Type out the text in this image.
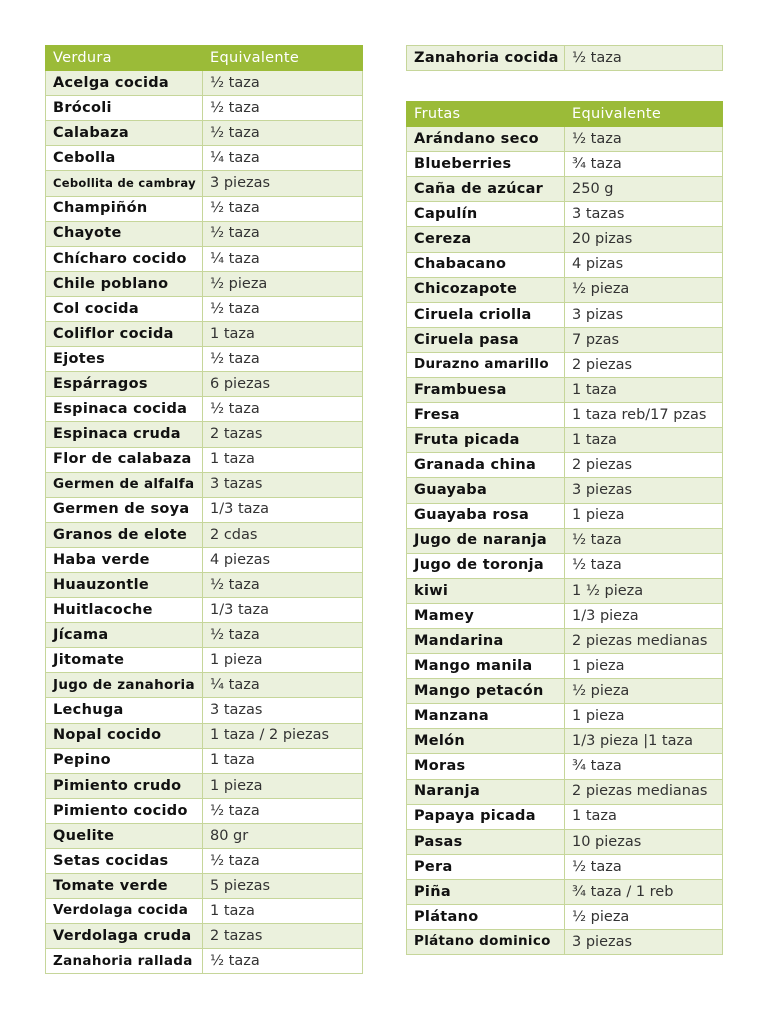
Verdura	Equivalente
Acelga cocida	½ taza
Brócoli	½ taza
Calabaza	½ taza
Cebolla	¼ taza
Cebollita de cambray	3 piezas
Champiñón	½ taza
Chayote	½ taza
Chícharo cocido	¼ taza
Chile poblano	½ pieza
Col cocida	½ taza
Coliflor cocida	1 taza
Ejotes	½ taza
Espárragos	6 piezas
Espinaca cocida	½ taza
Espinaca cruda	2 tazas
Flor de calabaza	1 taza
Germen de alfalfa	3 tazas
Germen de soya	1/3 taza
Granos de elote	2 cdas
Haba verde	4 piezas
Huauzontle	½ taza
Huitlacoche	1/3 taza
Jícama	½ taza
Jitomate	1 pieza
Jugo de zanahoria	¼ taza
Lechuga	3 tazas
Nopal cocido	1 taza / 2 piezas
Pepino	1 taza
Pimiento crudo	1 pieza
Pimiento cocido	½ taza
Quelite	80 gr
Setas cocidas	½ taza
Tomate verde	5 piezas
Verdolaga cocida	1 taza
Verdolaga cruda	2 tazas
Zanahoria rallada	½ taza
Zanahoria cocida	½ taza
Frutas	Equivalente
Arándano seco	½ taza
Blueberries	¾ taza
Caña de azúcar	250 g
Capulín	3 tazas
Cereza	20 pizas
Chabacano	4 pizas
Chicozapote	½ pieza
Ciruela criolla	3 pizas
Ciruela pasa	7 pzas
Durazno amarillo	2 piezas
Frambuesa	1 taza
Fresa	1 taza reb/17 pzas
Fruta picada	1 taza
Granada china	2 piezas
Guayaba	3 piezas
Guayaba rosa	1 pieza
Jugo de naranja	½ taza
Jugo de toronja	½ taza
kiwi	1 ½ pieza
Mamey	1/3 pieza
Mandarina	2 piezas medianas
Mango manila	1 pieza
Mango petacón	½ pieza
Manzana	1 pieza
Melón	1/3 pieza |1 taza
Moras	¾ taza
Naranja	2 piezas medianas
Papaya picada	1 taza
Pasas	10 piezas
Pera	½ taza
Piña	¾ taza / 1 reb
Plátano	½ pieza
Plátano dominico	3 piezas
